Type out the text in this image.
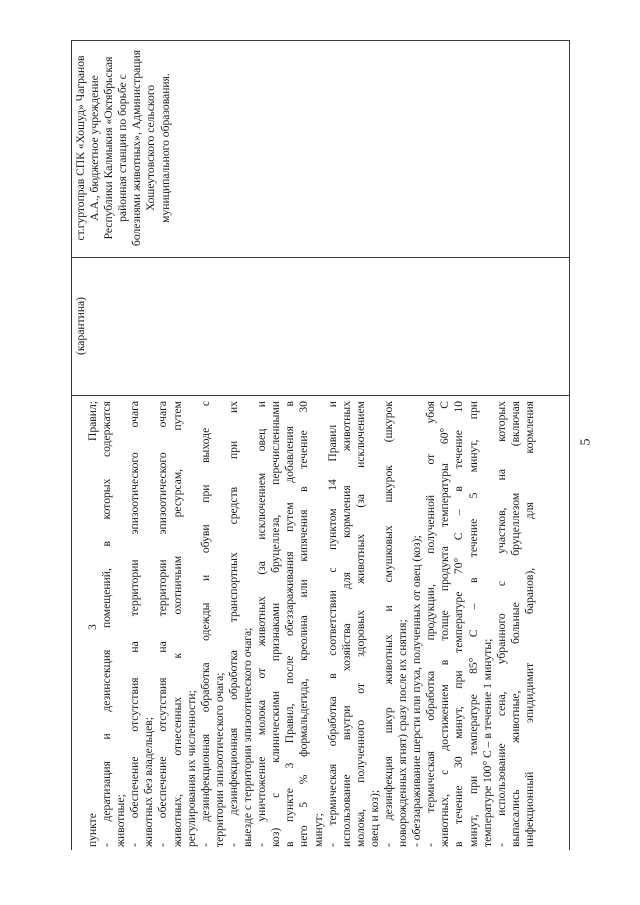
пункте 3 Правил; - дератизация и дезинсекция помещений, в которых содержатся животные; - обеспечение отсутствия на территории эпизоотического очага животных без владельцев; - обеспечение отсутствия на территории эпизоотического очага животных, отнесенных к охотничьим ресурсам, путем регулирования их численности; - дезинфекционная обработка одежды и обуви при выходе с территории эпизоотического очага; - дезинфекционная обработка транспортных средств при их выезде с территории эпизоотического очага; - уничтожение молока от животных (за исключением овец и коз) с клиническими признаками бруцеллеза, перечисленными в пункте 3 Правил, после обеззараживания путем добавления в него 5 % формальдегида, креолина или кипячения в течение 30 минут; - термическая обработка в соответствии с пунктом 14 Правил и использование внутри хозяйства для кормления животных молока, полученного от здоровых животных (за исключением овец и коз); - дезинфекция шкур животных и смушковых шкурок (шкурок новорожденных ягнят) сразу после их снятия; - обеззараживание шерсти или пуха, полученных от овец (коз); - термическая обработка продукции, полученной от убоя животных, с достижением в толще продукта температуры 60° С в течение 30 минут, при температуре 70° С – в течение 10 минут, при температуре 85° С – в течение 5 минут, при температуре 100° С – в течение 1 минуты; - использование сена, убранного с участков, на которых выпасались животные, больные бруцеллезом (включая инфекционный эпидидимит баранов), для кормления
(карантина)
ст.гуртоправ СПК «Хошуд» Чагранов А.А., бюджетное учреждение Республики Калмыкия «Октябрьская районная станция по борьбе с болезнями животных», Администрация Хошеутовского сельского муниципального образования.
5
